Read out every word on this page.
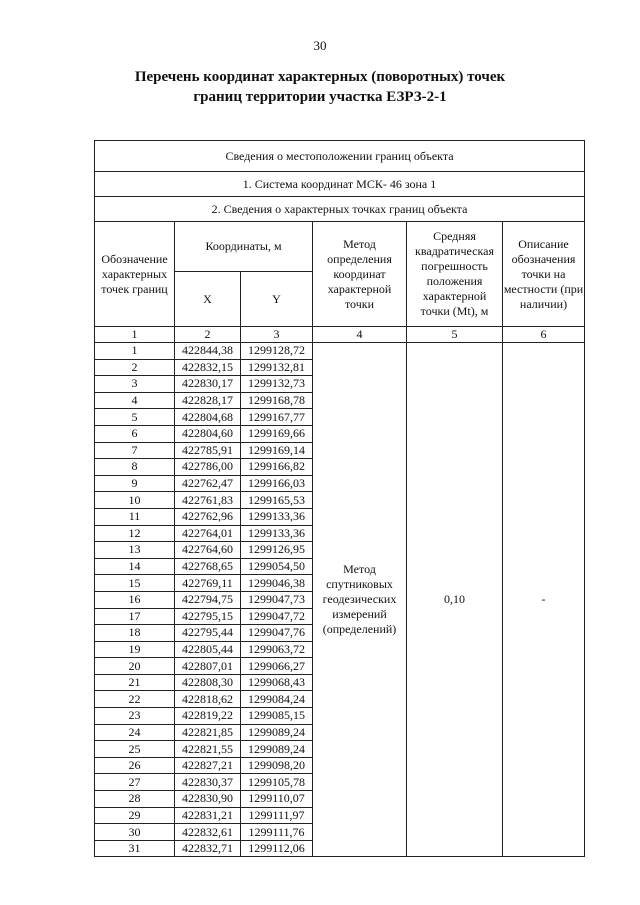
30
Перечень координат характерных (поворотных) точек
границ территории участка ЕЗРЗ-2-1
Сведения о местоположении границ объекта					
1. Система координат МСК- 46 зона 1					
2. Сведения о характерных точках границ объекта					
Обозначение характерных точек границ	Координаты, м		Метод определения координат характерной точки	Средняя квадратическая погрешность положения характерной точки (Mt), м	Описание обозначения точки на местности (при наличии)
	X	Y			
1	2	3	4	5	6
1	422844,38	1299128,72	Метод спутниковых геодезических измерений (определений)	0,10	-
2	422832,15	1299132,81			
3	422830,17	1299132,73			
4	422828,17	1299168,78			
5	422804,68	1299167,77			
6	422804,60	1299169,66			
7	422785,91	1299169,14			
8	422786,00	1299166,82			
9	422762,47	1299166,03			
10	422761,83	1299165,53			
11	422762,96	1299133,36			
12	422764,01	1299133,36			
13	422764,60	1299126,95			
14	422768,65	1299054,50			
15	422769,11	1299046,38			
16	422794,75	1299047,73			
17	422795,15	1299047,72			
18	422795,44	1299047,76			
19	422805,44	1299063,72			
20	422807,01	1299066,27			
21	422808,30	1299068,43			
22	422818,62	1299084,24			
23	422819,22	1299085,15			
24	422821,85	1299089,24			
25	422821,55	1299089,24			
26	422827,21	1299098,20			
27	422830,37	1299105,78			
28	422830,90	1299110,07			
29	422831,21	1299111,97			
30	422832,61	1299111,76			
31	422832,71	1299112,06			
